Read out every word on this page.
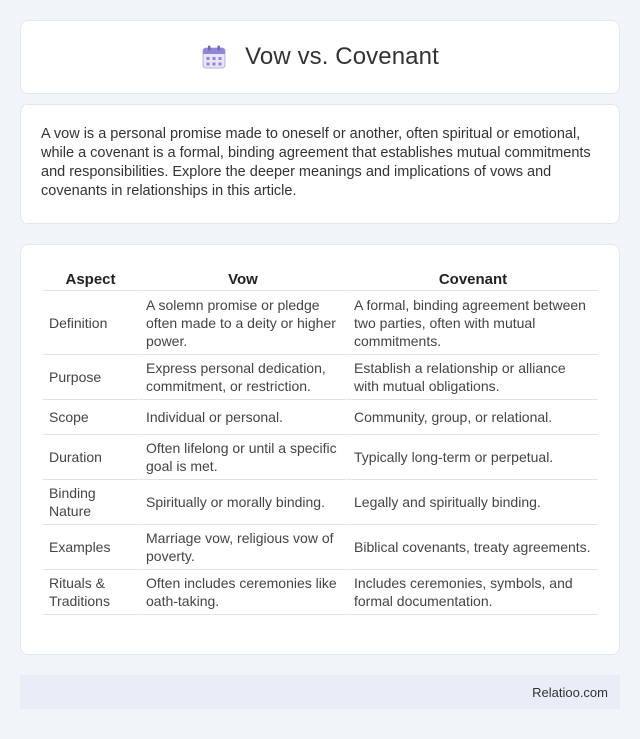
Vow vs. Covenant

A vow is a personal promise made to oneself or another, often spiritual or emotional, while a covenant is a formal, binding agreement that establishes mutual commitments and responsibilities. Explore the deeper meanings and implications of vows and covenants in relationships in this article.

Aspect	Vow	Covenant
Definition	A solemn promise or pledge often made to a deity or higher power.	A formal, binding agreement between two parties, often with mutual commitments.
Purpose	Express personal dedication, commitment, or restriction.	Establish a relationship or alliance with mutual obligations.
Scope	Individual or personal.	Community, group, or relational.
Duration	Often lifelong or until a specific goal is met.	Typically long-term or perpetual.
Binding Nature	Spiritually or morally binding.	Legally and spiritually binding.
Examples	Marriage vow, religious vow of poverty.	Biblical covenants, treaty agreements.
Rituals & Traditions	Often includes ceremonies like oath-taking.	Includes ceremonies, symbols, and formal documentation.
Relatioo.com
